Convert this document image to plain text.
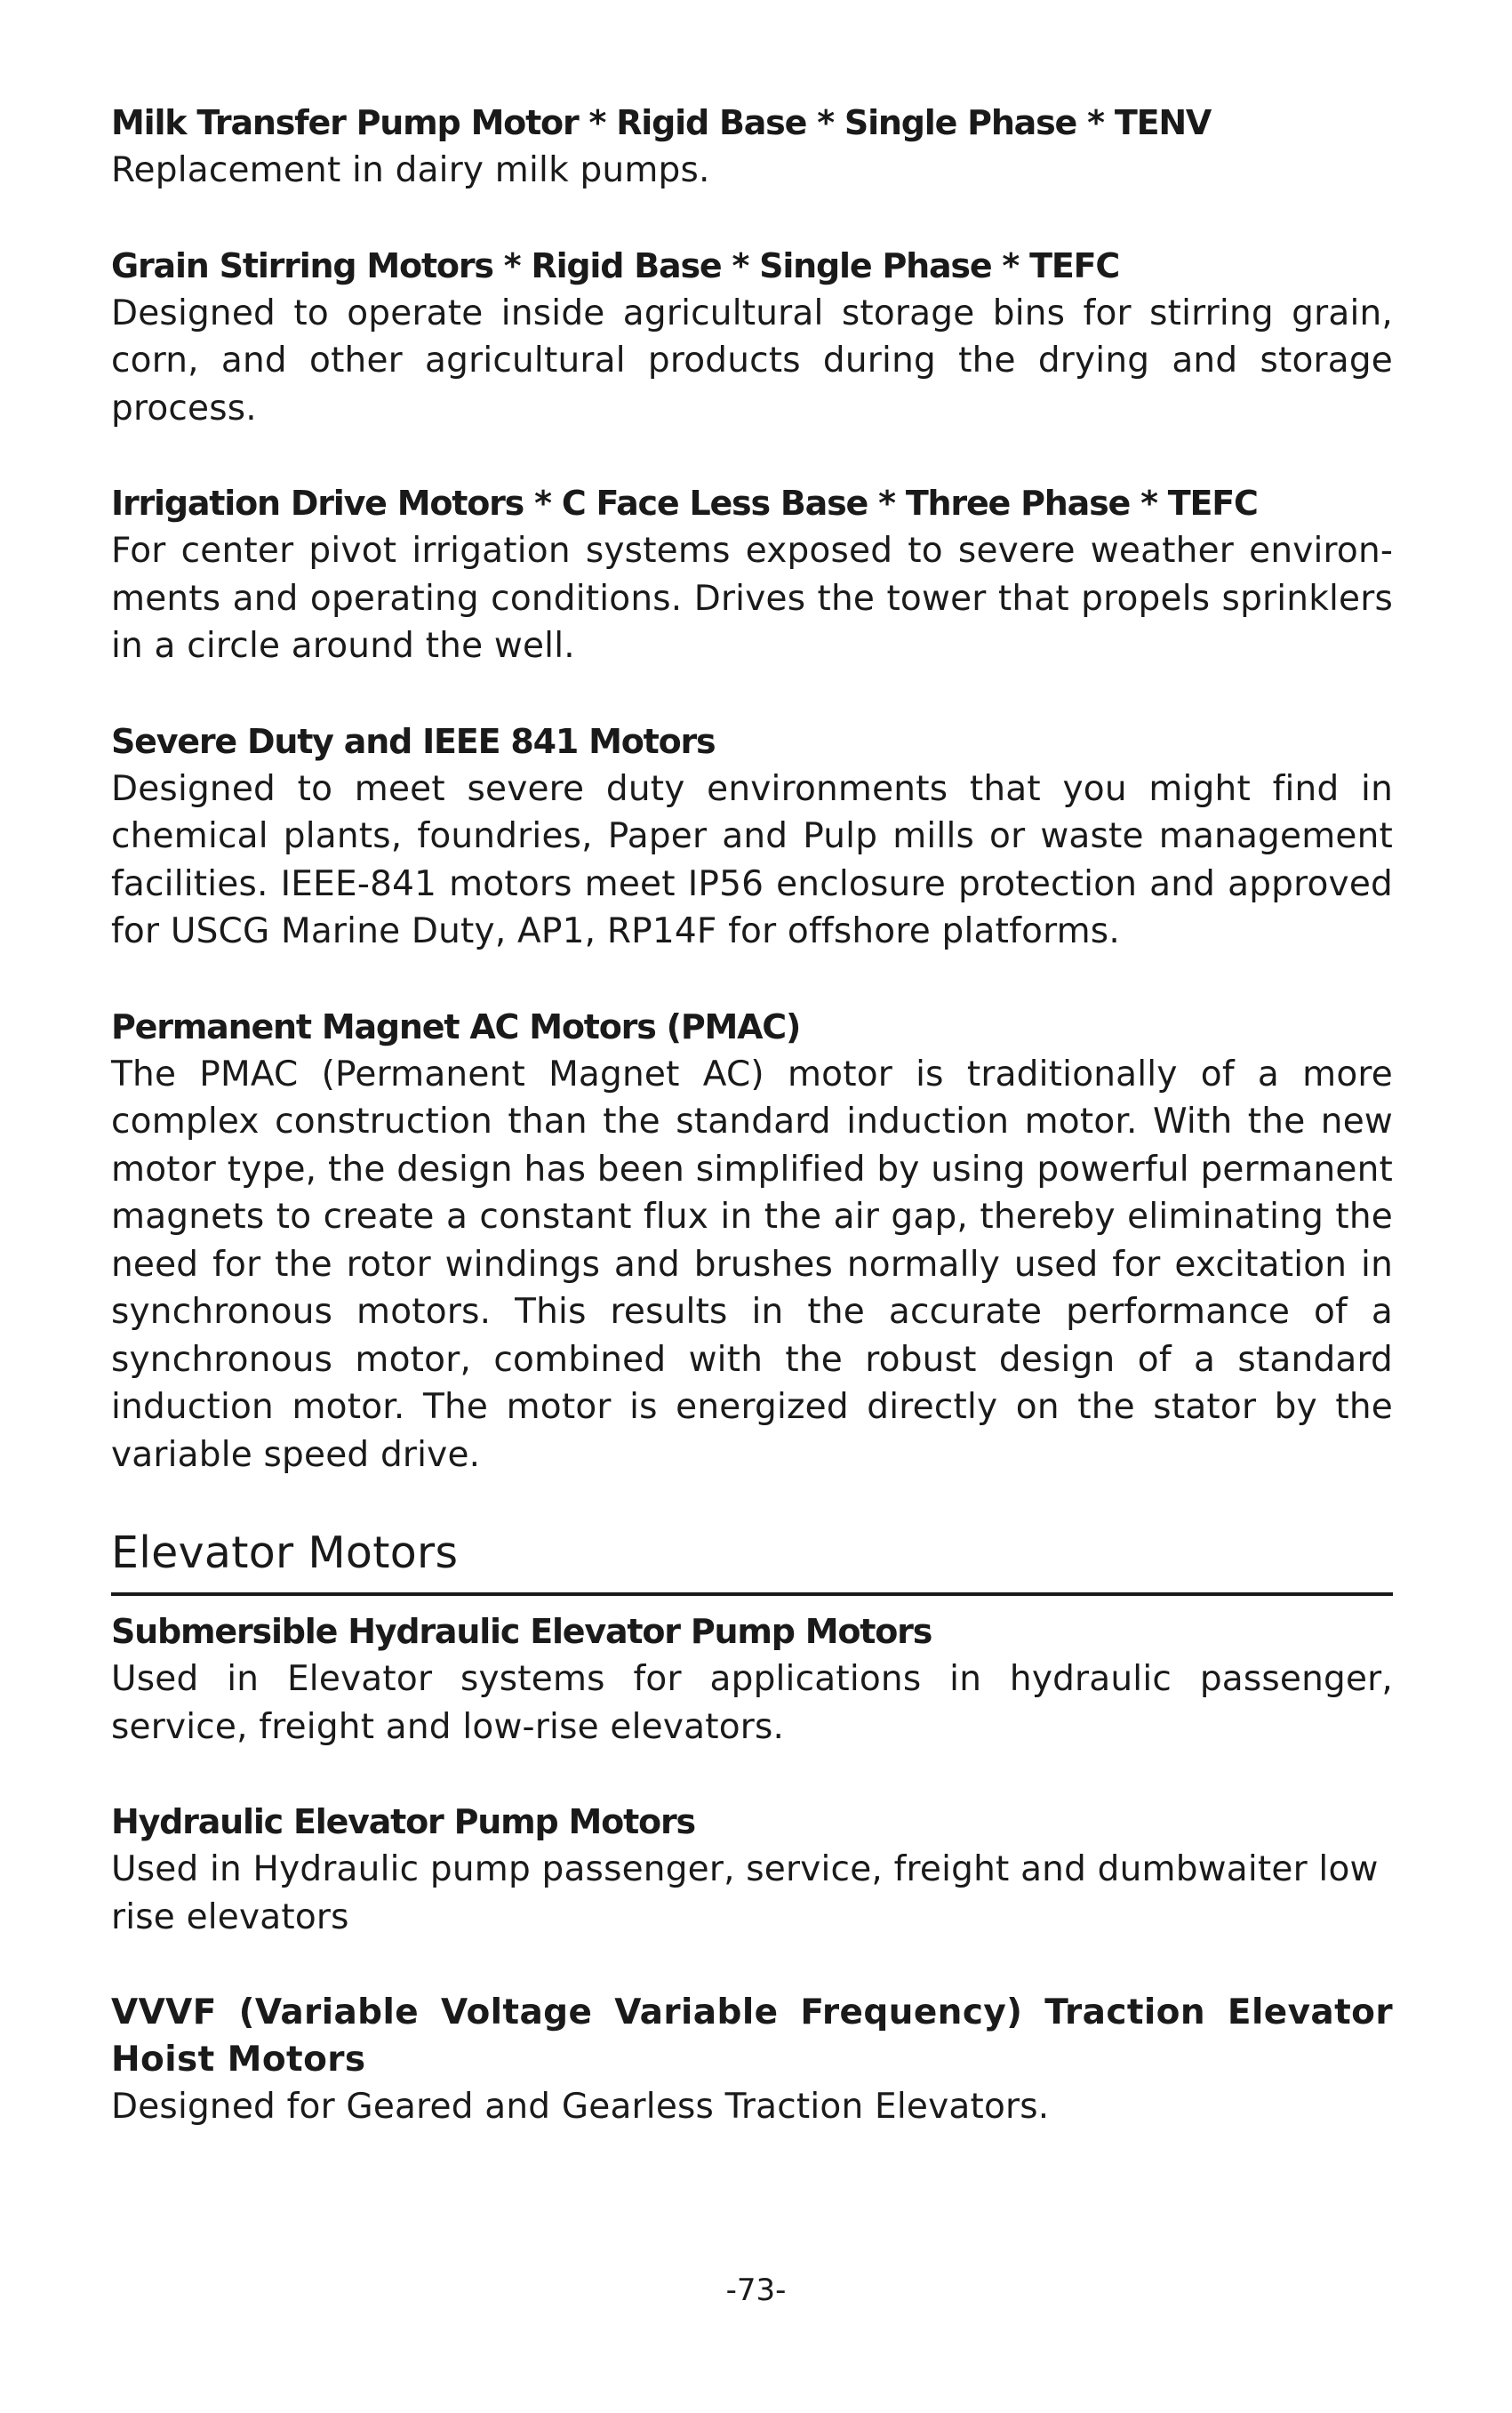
Milk Transfer Pump Motor * Rigid Base * Single Phase * TENV

Replacement in dairy milk pumps.

Grain Stirring Motors * Rigid Base * Single Phase * TEFC

Designed to operate inside agricultural storage bins for stirring grain, corn, and other agricultural products during the drying and storage process.

Irrigation Drive Motors * C Face Less Base * Three Phase * TEFC

For center pivot irrigation systems exposed to severe weather environments and operating conditions. Drives the tower that propels sprinklers in a circle around the well.

Severe Duty and IEEE 841 Motors

Designed to meet severe duty environments that you might find in chemical plants, foundries, Paper and Pulp mills or waste management facilities. IEEE-841 motors meet IP56 enclosure protection and approved for USCG Marine Duty, AP1, RP14F for offshore platforms.

Permanent Magnet AC Motors (PMAC)

The PMAC (Permanent Magnet AC) motor is traditionally of a more complex construction than the standard induction motor. With the new motor type, the design has been simplified by using powerful permanent magnets to create a constant flux in the air gap, thereby eliminating the need for the rotor windings and brushes normally used for excitation in synchronous motors. This results in the accurate performance of a synchronous motor, combined with the robust design of a standard induction motor. The motor is energized directly on the stator by the variable speed drive.

Elevator Motors

Submersible Hydraulic Elevator Pump Motors

Used in Elevator systems for applications in hydraulic passenger, service, freight and low-rise elevators.

Hydraulic Elevator Pump Motors

Used in Hydraulic pump passenger, service, freight and dumbwaiter low rise elevators

VVVF (Variable Voltage Variable Frequency) Traction Elevator Hoist Motors

Designed for Geared and Gearless Traction Elevators.

-73-
